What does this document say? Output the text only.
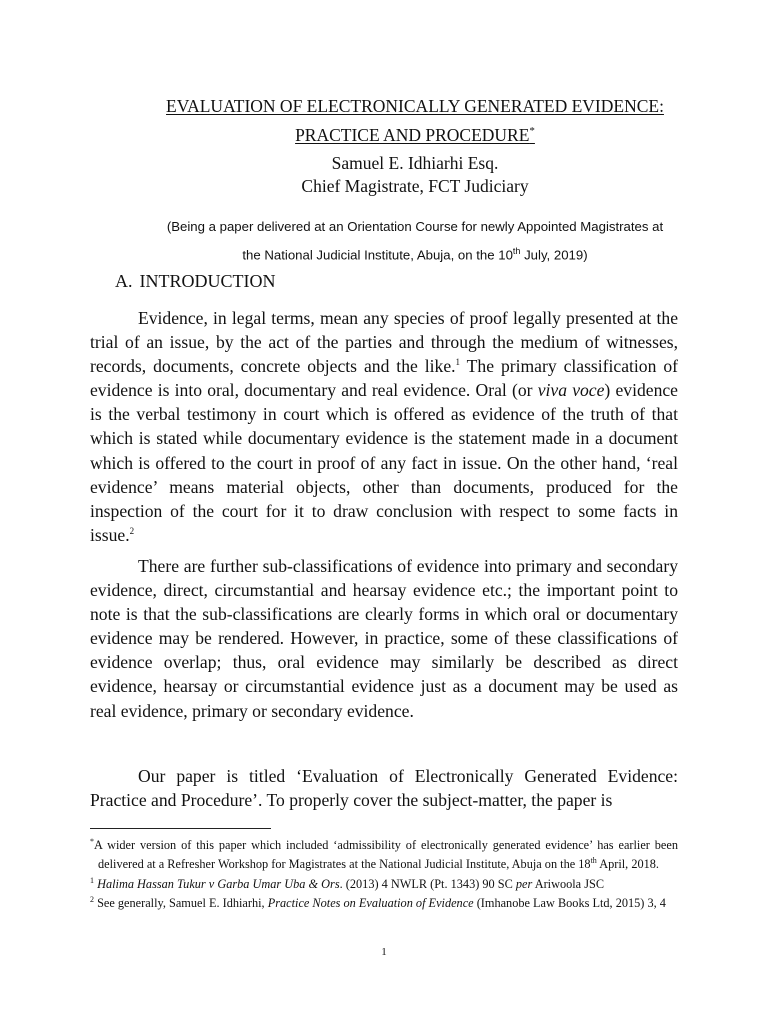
EVALUATION OF ELECTRONICALLY GENERATED EVIDENCE:
PRACTICE AND PROCEDURE*
Samuel E. Idhiarhi Esq.
Chief Magistrate, FCT Judiciary
(Being a paper delivered at an Orientation Course for newly Appointed Magistrates at
the National Judicial Institute, Abuja, on the 10th July, 2019)
A. INTRODUCTION

Evidence, in legal terms, mean any species of proof legally presented at the trial of an issue, by the act of the parties and through the medium of witnesses, records, documents, concrete objects and the like.$^1$ The primary classification of evidence is into oral, documentary and real evidence. Oral (or viva voce) evidence is the verbal testimony in court which is offered as evidence of the truth of that which is stated while documentary evidence is the statement made in a document which is offered to the court in proof of any fact in issue. On the other hand, ‘real evidence’ means material objects, other than documents, produced for the inspection of the court for it to draw conclusion with respect to some facts in issue.$^2$

There are further sub-classifications of evidence into primary and secondary evidence, direct, circumstantial and hearsay evidence etc.; the important point to note is that the sub-classifications are clearly forms in which oral or documentary evidence may be rendered. However, in practice, some of these classifications of evidence overlap; thus, oral evidence may similarly be described as direct evidence, hearsay or circumstantial evidence just as a document may be used as real evidence, primary or secondary evidence.

Our paper is titled ‘Evaluation of Electronically Generated Evidence: Practice and Procedure’. To properly cover the subject-matter, the paper is

*A wider version of this paper which included ‘admissibility of electronically generated evidence’ has earlier been delivered at a Refresher Workshop for Magistrates at the National Judicial Institute, Abuja on the 18th April, 2018.

$^1$ Halima Hassan Tukur v Garba Umar Uba & Ors. (2013) 4 NWLR (Pt. 1343) 90 SC per Ariwoola JSC

$^2$ See generally, Samuel E. Idhiarhi, Practice Notes on Evaluation of Evidence (Imhanobe Law Books Ltd, 2015) 3, 4

1
